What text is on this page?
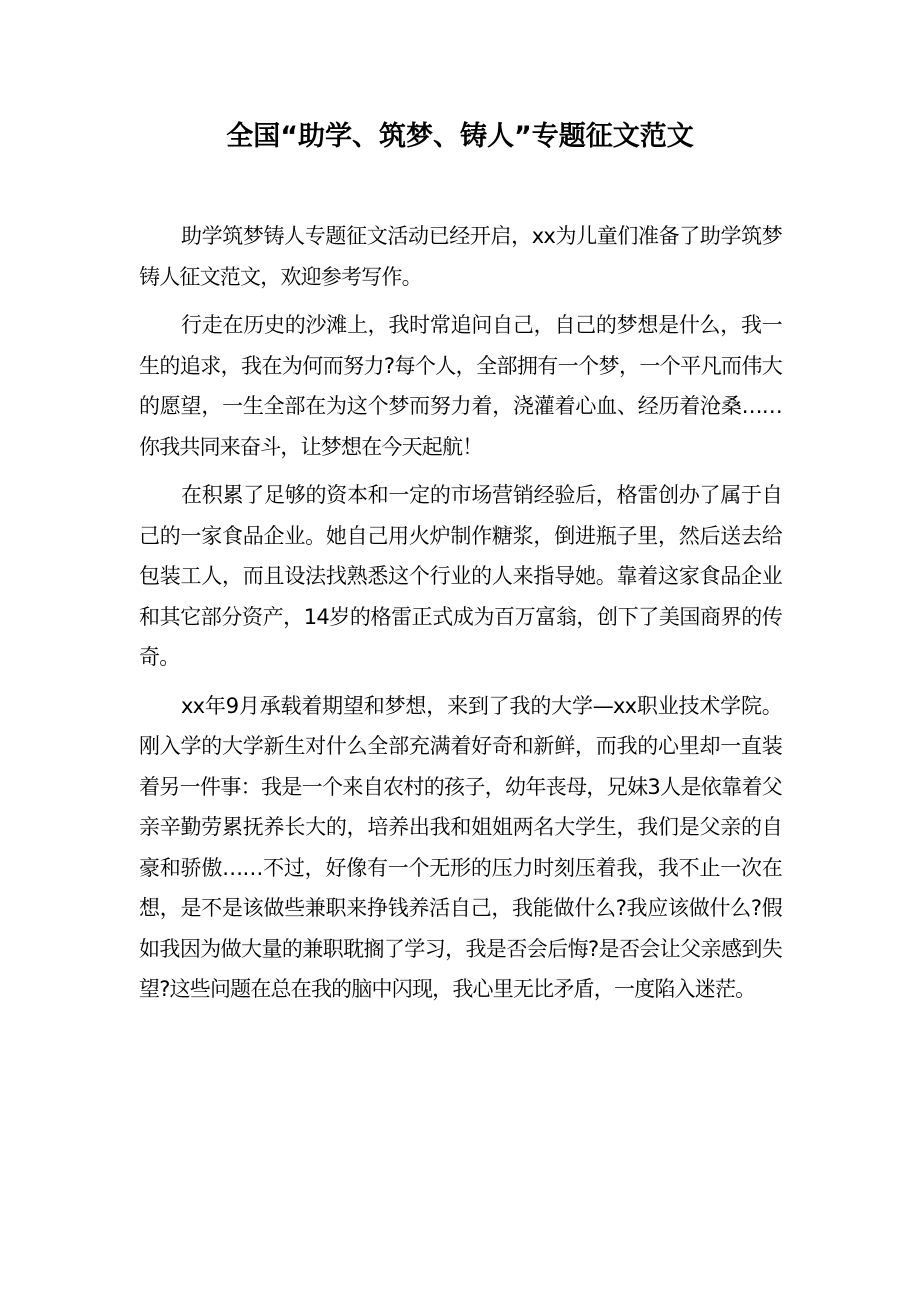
全国“助学、筑梦、铸人”专题征文范文

助学筑梦铸人专题征文活动已经开启，xx为儿童们准备了助学筑梦铸人征文范文，欢迎参考写作。

行走在历史的沙滩上，我时常追问自己，自己的梦想是什么，我一生的追求，我在为何而努力?每个人，全部拥有一个梦，一个平凡而伟大的愿望，一生全部在为这个梦而努力着，浇灌着心血、经历着沧桑……你我共同来奋斗，让梦想在今天起航！

在积累了足够的资本和一定的市场营销经验后，格雷创办了属于自己的一家食品企业。她自己用火炉制作糖浆，倒进瓶子里，然后送去给包装工人，而且设法找熟悉这个行业的人来指导她。靠着这家食品企业和其它部分资产，14岁的格雷正式成为百万富翁，创下了美国商界的传奇。

xx年9月承载着期望和梦想，来到了我的大学—xx职业技术学院。刚入学的大学新生对什么全部充满着好奇和新鲜，而我的心里却一直装着另一件事：我是一个来自农村的孩子，幼年丧母，兄妹3人是依靠着父亲辛勤劳累抚养长大的，培养出我和姐姐两名大学生，我们是父亲的自豪和骄傲……不过，好像有一个无形的压力时刻压着我，我不止一次在想，是不是该做些兼职来挣钱养活自己，我能做什么?我应该做什么?假如我因为做大量的兼职耽搁了学习，我是否会后悔?是否会让父亲感到失望?这些问题在总在我的脑中闪现，我心里无比矛盾，一度陷入迷茫。
